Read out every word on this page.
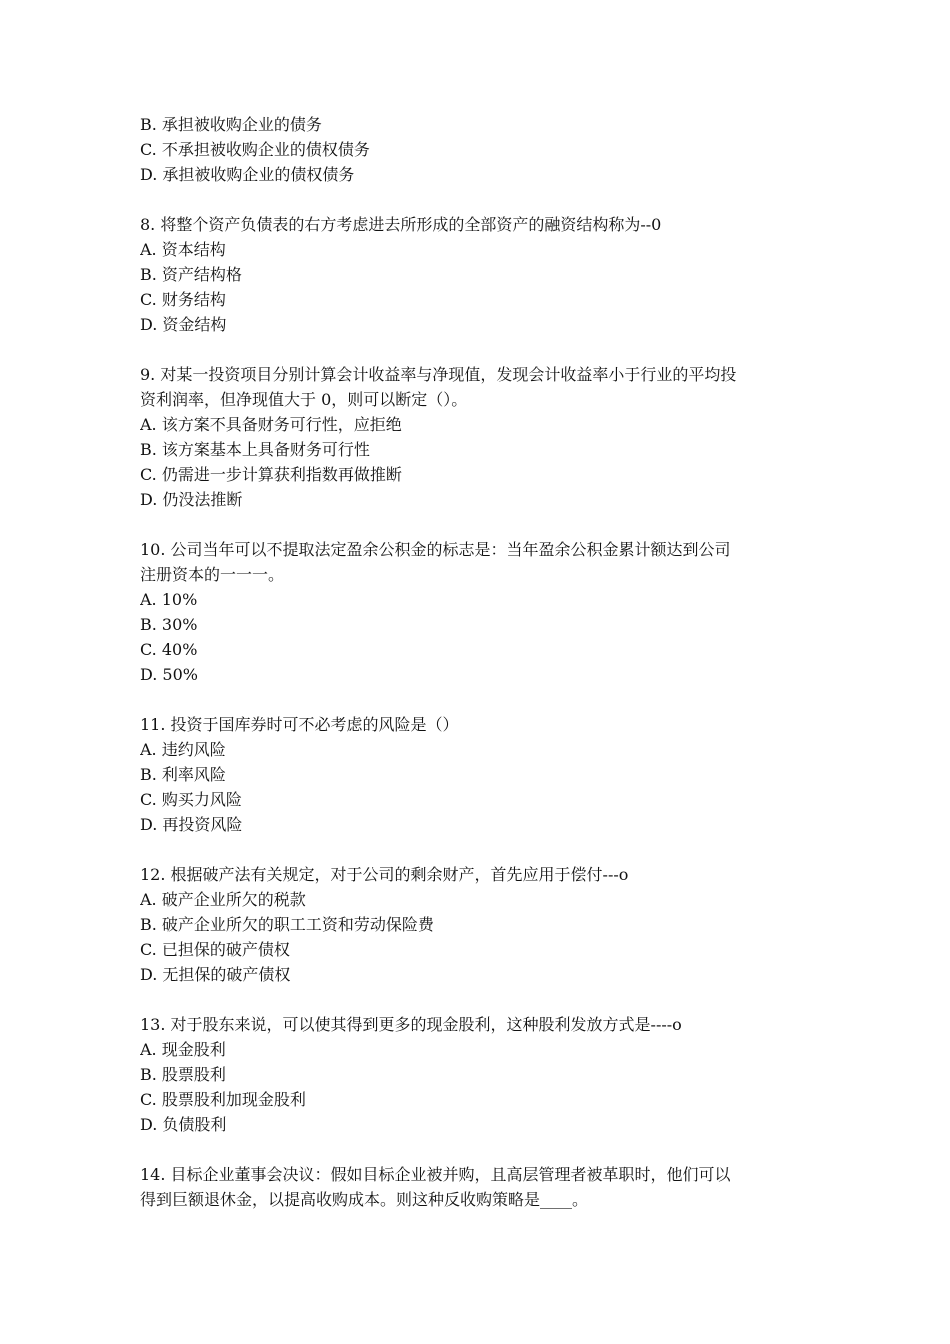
B. 承担被收购企业的债务
C. 不承担被收购企业的债权债务
D. 承担被收购企业的债权债务
8. 将整个资产负债表的右方考虑进去所形成的全部资产的融资结构称为--0
A. 资本结构
B. 资产结构格
C. 财务结构
D. 资金结构
9. 对某一投资项目分别计算会计收益率与净现值，发现会计收益率小于行业的平均投
资利润率，但净现值大于 0，则可以断定（）。
A. 该方案不具备财务可行性，应拒绝
B. 该方案基本上具备财务可行性
C. 仍需进一步计算获利指数再做推断
D. 仍没法推断
10. 公司当年可以不提取法定盈余公积金的标志是：当年盈余公积金累计额达到公司
注册资本的一一一。
A. 10%
B. 30%
C. 40%
D. 50%
11. 投资于国库券时可不必考虑的风险是（）
A. 违约风险
B. 利率风险
C. 购买力风险
D. 再投资风险
12. 根据破产法有关规定，对于公司的剩余财产，首先应用于偿付---o
A. 破产企业所欠的税款
B. 破产企业所欠的职工工资和劳动保险费
C. 已担保的破产债权
D. 无担保的破产债权
13. 对于股东来说，可以使其得到更多的现金股利，这种股利发放方式是----o
A. 现金股利
B. 股票股利
C. 股票股利加现金股利
D. 负债股利
14. 目标企业董事会决议：假如目标企业被并购，且高层管理者被革职时，他们可以
得到巨额退休金，以提高收购成本。则这种反收购策略是____。
